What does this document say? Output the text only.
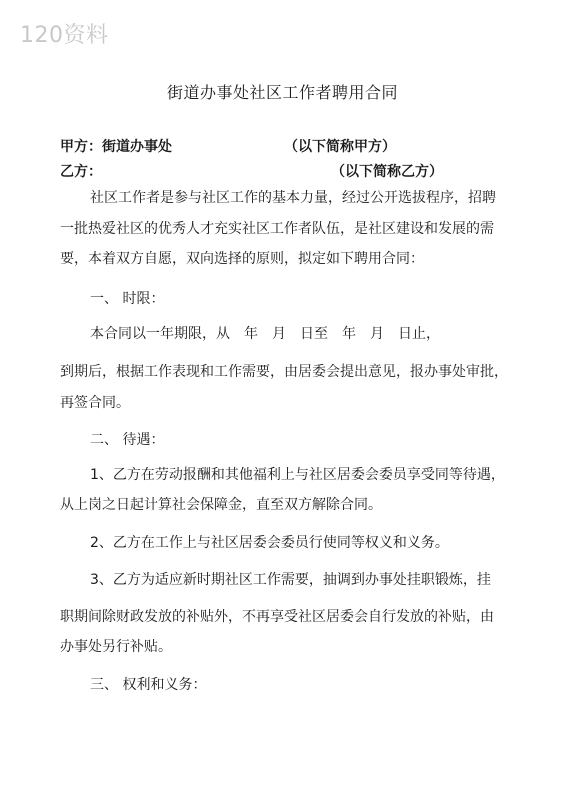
120资料
街道办事处社区工作者聘用合同
甲方：街道办事处	（以下简称甲方）
乙方：	（以下简称乙方）
社区工作者是参与社区工作的基本力量，经过公开选拔程序，招聘
一批热爱社区的优秀人才充实社区工作者队伍，是社区建设和发展的需
要，本着双方自愿，双向选择的原则，拟定如下聘用合同：
一、 时限：
本合同以一年期限，从　年　月　日至　年　月　日止，
到期后，根据工作表现和工作需要，由居委会提出意见，报办事处审批，
再签合同。
二、 待遇：
1、乙方在劳动报酬和其他福利上与社区居委会委员享受同等待遇，
从上岗之日起计算社会保障金，直至双方解除合同。
2、乙方在工作上与社区居委会委员行使同等权义和义务。
3、乙方为适应新时期社区工作需要，抽调到办事处挂职锻炼，挂
职期间除财政发放的补贴外，不再享受社区居委会自行发放的补贴，由
办事处另行补贴。
三、 权利和义务：
